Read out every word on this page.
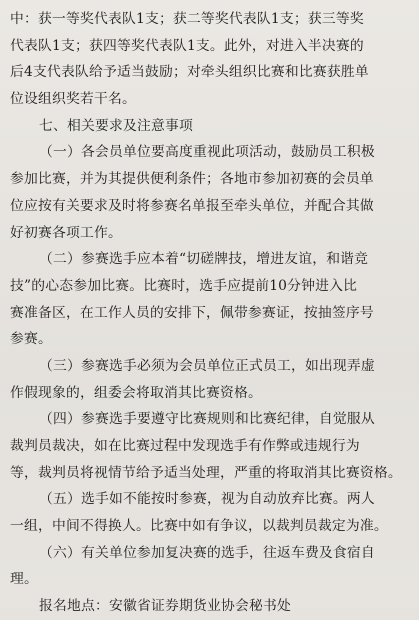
中：获一等奖代表队1支；获二等奖代表队1支；获三等奖
代表队1支；获四等奖代表队1支。此外，对进入半决赛的
后4支代表队给予适当鼓励；对牵头组织比赛和比赛获胜单
位设组织奖若干名。
七、相关要求及注意事项
（一）各会员单位要高度重视此项活动，鼓励员工积极
参加比赛，并为其提供便利条件；各地市参加初赛的会员单
位应按有关要求及时将参赛名单报至牵头单位，并配合其做
好初赛各项工作。
（二）参赛选手应本着“切磋牌技，增进友谊，和谐竞
技”的心态参加比赛。比赛时，选手应提前10分钟进入比
赛准备区，在工作人员的安排下，佩带参赛证，按抽签序号
参赛。
（三）参赛选手必须为会员单位正式员工，如出现弄虚
作假现象的，组委会将取消其比赛资格。
（四）参赛选手要遵守比赛规则和比赛纪律，自觉服从
裁判员裁决，如在比赛过程中发现选手有作弊或违规行为
等，裁判员将视情节给予适当处理，严重的将取消其比赛资格。
（五）选手如不能按时参赛，视为自动放弃比赛。两人
一组，中间不得换人。比赛中如有争议，以裁判员裁定为准。
（六）有关单位参加复决赛的选手，往返车费及食宿自
理。
报名地点：安徽省证券期货业协会秘书处
